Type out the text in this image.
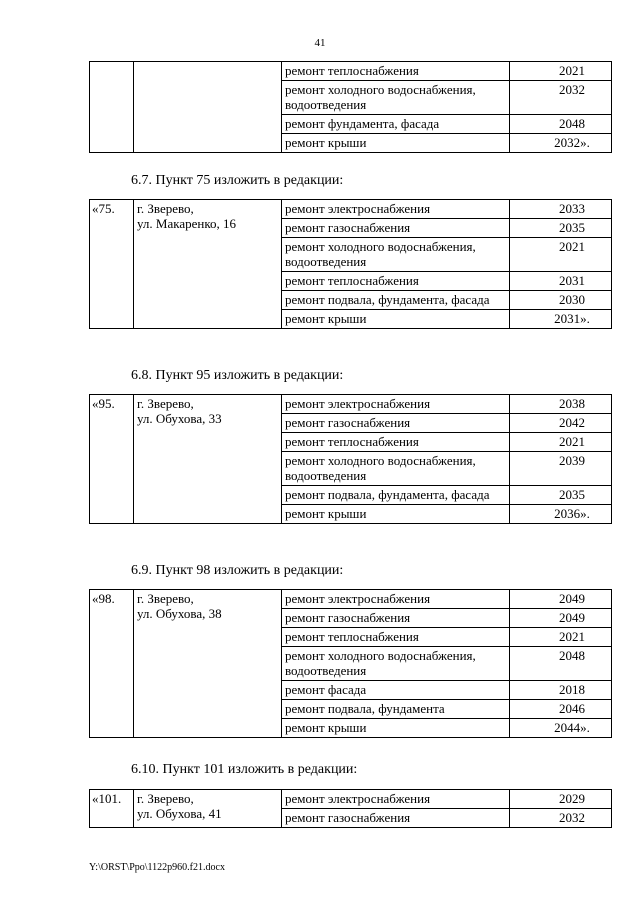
41
		ремонт теплоснабжения	2021
		ремонт холодного водоснабжения, водоотведения	2032
		ремонт фундамента, фасада	2048
		ремонт крыши	2032».
6.7. Пункт 75 изложить в редакции:
«75.	г. Зверево,
ул. Макаренко, 16	ремонт электроснабжения	2033
		ремонт газоснабжения	2035
		ремонт холодного водоснабжения, водоотведения	2021
		ремонт теплоснабжения	2031
		ремонт подвала, фундамента, фасада	2030
		ремонт крыши	2031».
6.8. Пункт 95 изложить в редакции:
«95.	г. Зверево,
ул. Обухова, 33	ремонт электроснабжения	2038
		ремонт газоснабжения	2042
		ремонт теплоснабжения	2021
		ремонт холодного водоснабжения, водоотведения	2039
		ремонт подвала, фундамента, фасада	2035
		ремонт крыши	2036».
6.9. Пункт 98 изложить в редакции:
«98.	г. Зверево,
ул. Обухова, 38	ремонт электроснабжения	2049
		ремонт газоснабжения	2049
		ремонт теплоснабжения	2021
		ремонт холодного водоснабжения, водоотведения	2048
		ремонт фасада	2018
		ремонт подвала, фундамента	2046
		ремонт крыши	2044».
6.10. Пункт 101 изложить в редакции:
«101.	г. Зверево,
ул. Обухова, 41	ремонт электроснабжения	2029
		ремонт газоснабжения	2032
Y:\ORST\Ppo\1122p960.f21.docx
